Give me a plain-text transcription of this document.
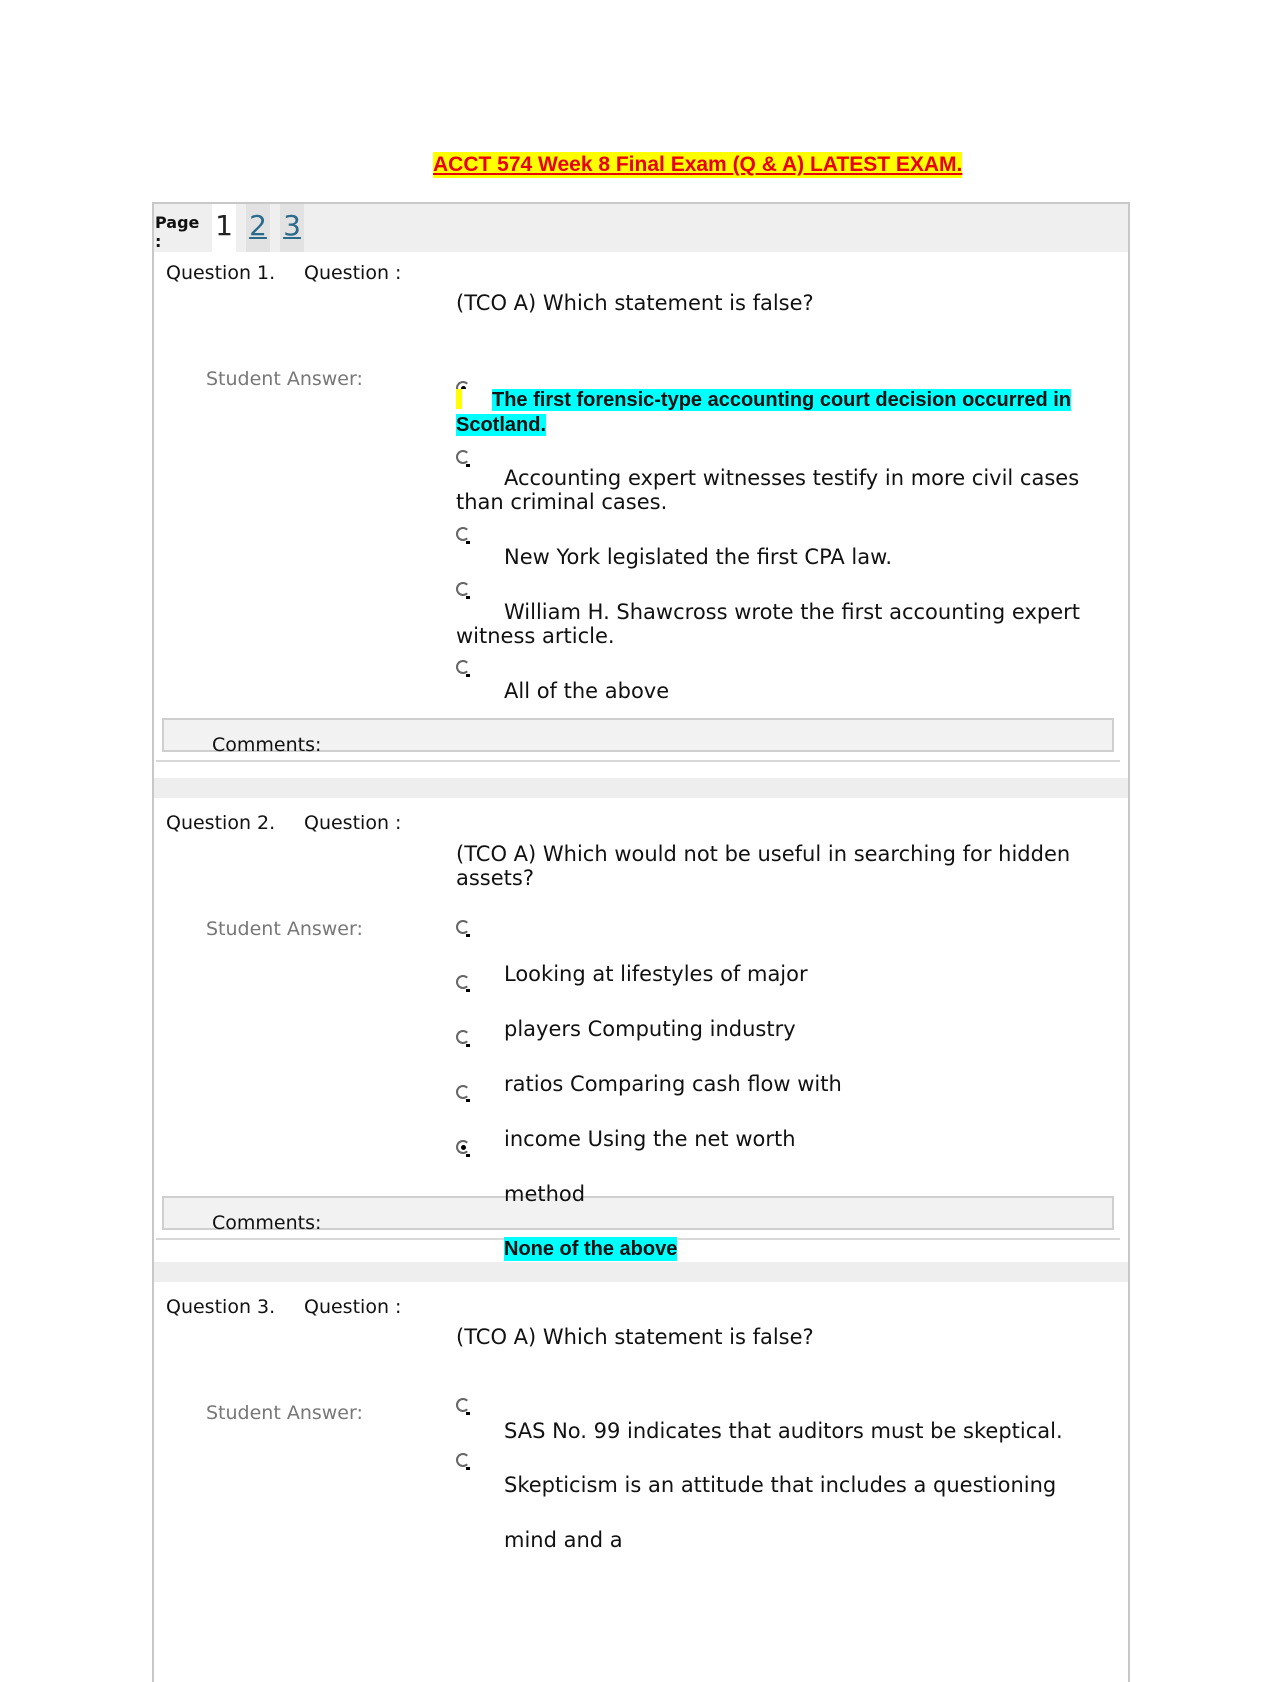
ACCT 574 Week 8 Final Exam (Q & A) LATEST EXAM.
Page :	1 2 3
Question 1. Question :
(TCO A) Which statement is false?
Student Answer:
The first forensic-type accounting court decision occurred in Scotland.
Accounting expert witnesses testify in more civil cases than criminal cases.
New York legislated the first CPA law.
William H. Shawcross wrote the first accounting expert witness article.
All of the above
Comments:
Question 2. Question :
(TCO A) Which would not be useful in searching for hidden assets?
Student Answer:
Looking at lifestyles of major
players Computing industry
ratios Comparing cash flow with
income Using the net worth
method
Comments:
None of the above
Question 3. Question :
(TCO A) Which statement is false?
Student Answer:
SAS No. 99 indicates that auditors must be skeptical.
Skepticism is an attitude that includes a questioning
mind and a
